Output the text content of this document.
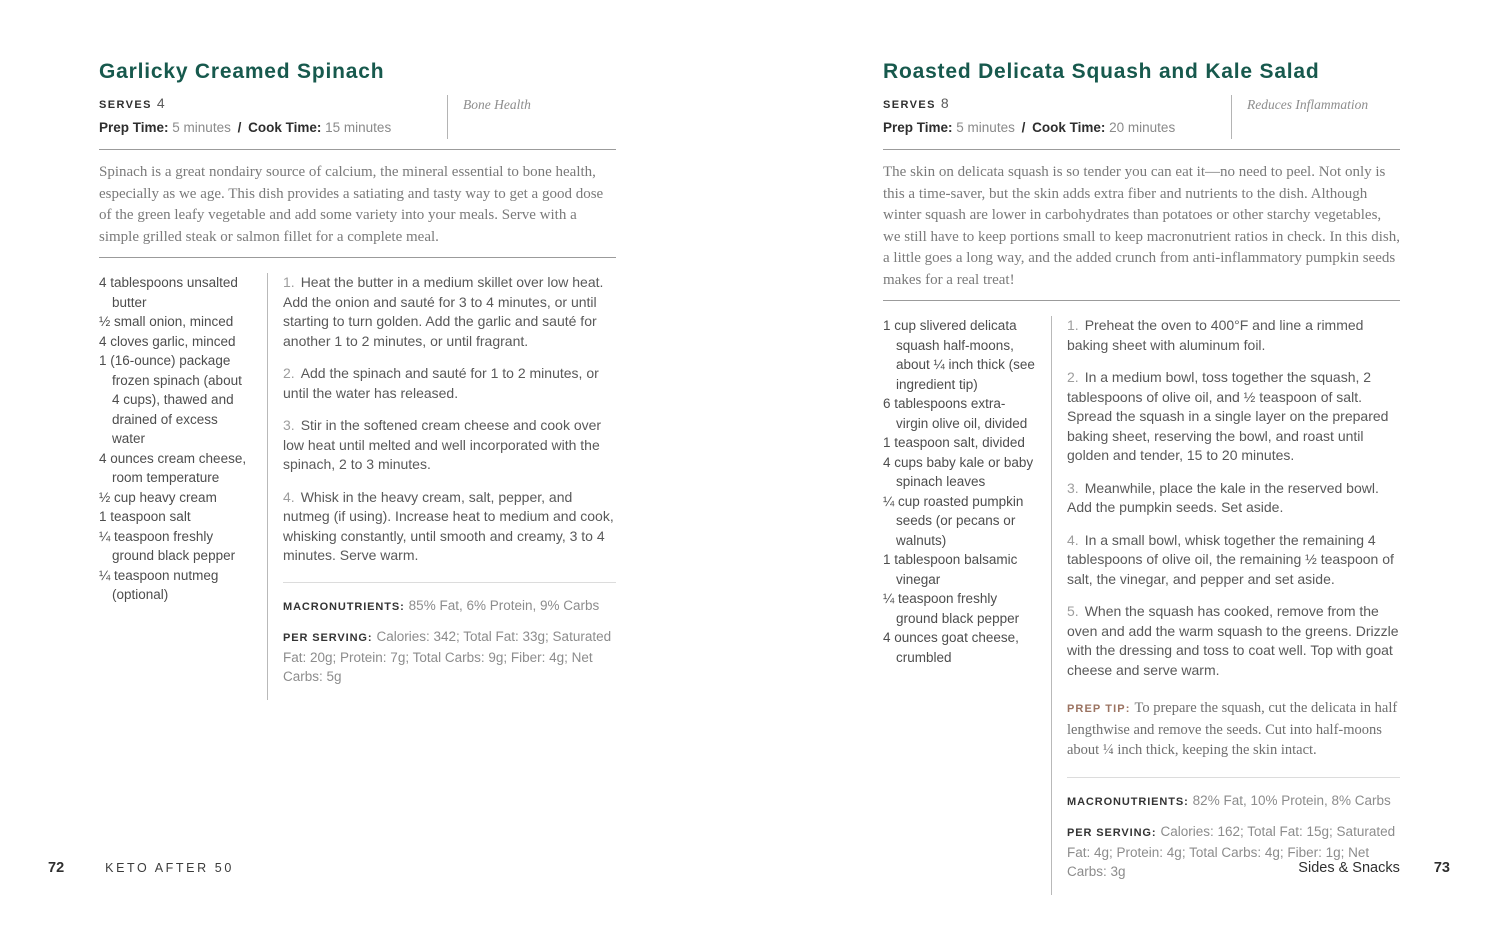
Garlicky Creamed Spinach
SERVES 4
Prep Time: 5 minutes / Cook Time: 15 minutes
Bone Health

Spinach is a great nondairy source of calcium, the mineral essential to bone health, especially as we age. This dish provides a satiating and tasty way to get a good dose of the green leafy vegetable and add some variety into your meals. Serve with a simple grilled steak or salmon fillet for a complete meal.

4 tablespoons unsalted butter

½ small onion, minced

4 cloves garlic, minced

1 (16-ounce) package frozen spinach (about 4 cups), thawed and drained of excess water

4 ounces cream cheese, room temperature

½ cup heavy cream

1 teaspoon salt

¼ teaspoon freshly ground black pepper

¼ teaspoon nutmeg (optional)

1. Heat the butter in a medium skillet over low heat. Add the onion and sauté for 3 to 4 minutes, or until starting to turn golden. Add the garlic and sauté for another 1 to 2 minutes, or until fragrant.

2. Add the spinach and sauté for 1 to 2 minutes, or until the water has released.

3. Stir in the softened cream cheese and cook over low heat until melted and well incorporated with the spinach, 2 to 3 minutes.

4. Whisk in the heavy cream, salt, pepper, and nutmeg (if using). Increase heat to medium and cook, whisking constantly, until smooth and creamy, 3 to 4 minutes. Serve warm.

MACRONUTRIENTS: 85% Fat, 6% Protein, 9% Carbs

PER SERVING: Calories: 342; Total Fat: 33g; Saturated Fat: 20g; Protein: 7g; Total Carbs: 9g; Fiber: 4g; Net Carbs: 5g

Roasted Delicata Squash and Kale Salad
SERVES 8
Prep Time: 5 minutes / Cook Time: 20 minutes
Reduces Inflammation

The skin on delicata squash is so tender you can eat it—no need to peel. Not only is this a time-saver, but the skin adds extra fiber and nutrients to the dish. Although winter squash are lower in carbohydrates than potatoes or other starchy vegetables, we still have to keep portions small to keep macronutrient ratios in check. In this dish, a little goes a long way, and the added crunch from anti-inflammatory pumpkin seeds makes for a real treat!

1 cup slivered delicata squash half-moons, about ¼ inch thick (see ingredient tip)

6 tablespoons extra-virgin olive oil, divided

1 teaspoon salt, divided

4 cups baby kale or baby spinach leaves

¼ cup roasted pumpkin seeds (or pecans or walnuts)

1 tablespoon balsamic vinegar

¼ teaspoon freshly ground black pepper

4 ounces goat cheese, crumbled

1. Preheat the oven to 400°F and line a rimmed baking sheet with aluminum foil.

2. In a medium bowl, toss together the squash, 2 tablespoons of olive oil, and ½ teaspoon of salt. Spread the squash in a single layer on the prepared baking sheet, reserving the bowl, and roast until golden and tender, 15 to 20 minutes.

3. Meanwhile, place the kale in the reserved bowl. Add the pumpkin seeds. Set aside.

4. In a small bowl, whisk together the remaining 4 tablespoons of olive oil, the remaining ½ teaspoon of salt, the vinegar, and pepper and set aside.

5. When the squash has cooked, remove from the oven and add the warm squash to the greens. Drizzle with the dressing and toss to coat well. Top with goat cheese and serve warm.

PREP TIP: To prepare the squash, cut the delicata in half lengthwise and remove the seeds. Cut into half-moons about ¼ inch thick, keeping the skin intact.

MACRONUTRIENTS: 82% Fat, 10% Protein, 8% Carbs

PER SERVING: Calories: 162; Total Fat: 15g; Saturated Fat: 4g; Protein: 4g; Total Carbs: 4g; Fiber: 1g; Net Carbs: 3g

72	KETO AFTER 50	Sides & Snacks 73
